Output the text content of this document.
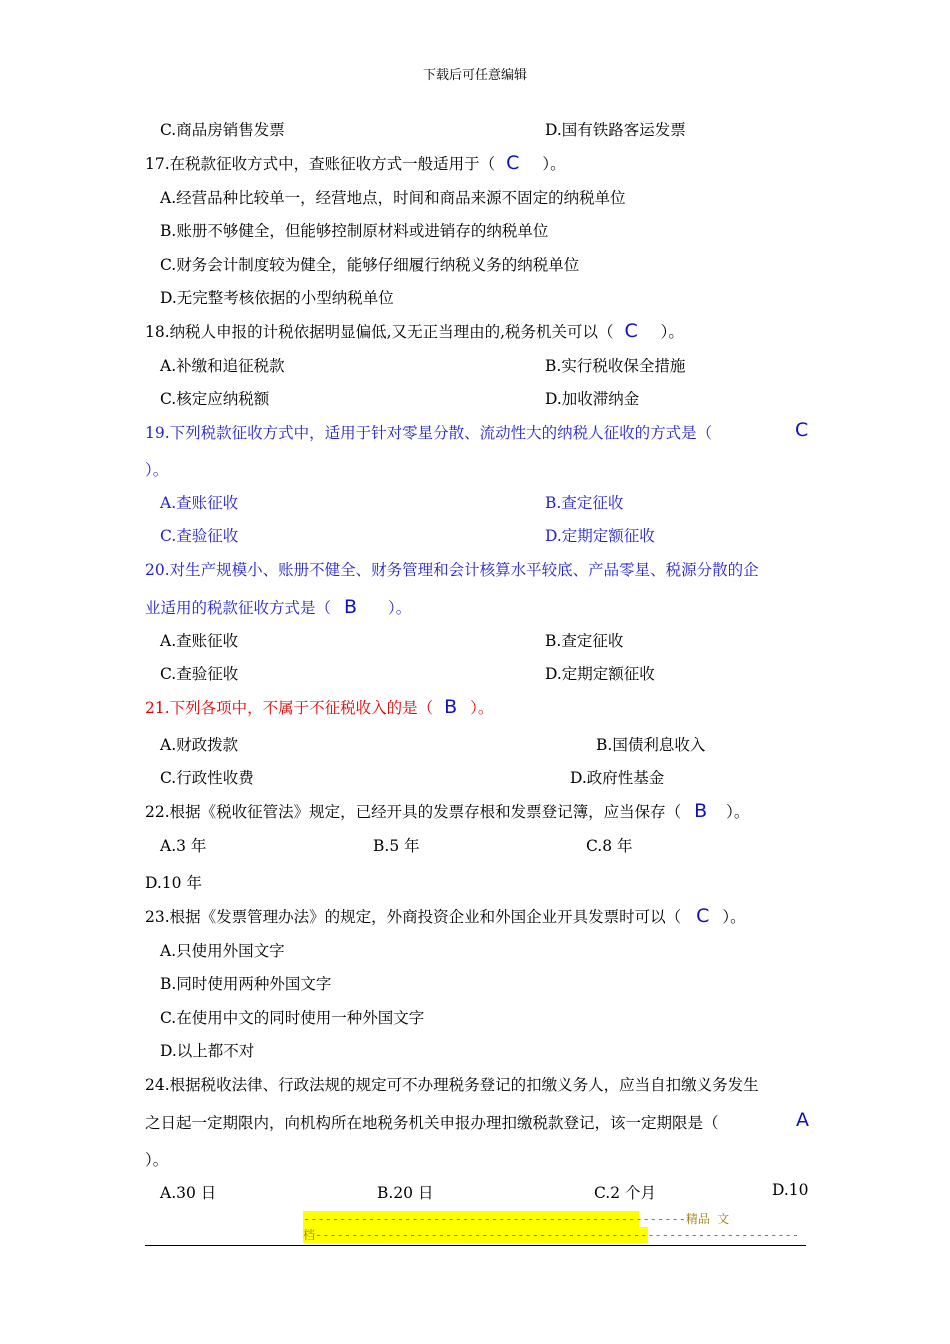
下载后可任意编辑
C.商品房销售发票	D.国有铁路客运发票
17.在税款征收方式中，查账征收方式一般适用于（ C ）。
A.经营品种比较单一，经营地点，时间和商品来源不固定的纳税单位
B.账册不够健全，但能够控制原材料或进销存的纳税单位
C.财务会计制度较为健全，能够仔细履行纳税义务的纳税单位
D.无完整考核依据的小型纳税单位
18.纳税人申报的计税依据明显偏低,又无正当理由的,税务机关可以（ C ）。
A.补缴和追征税款	B.实行税收保全措施
C.核定应纳税额	D.加收滞纳金
19.下列税款征收方式中，适用于针对零星分散、流动性大的纳税人征收的方式是（	C
）。
A.查账征收	B.查定征收
C.查验征收	D.定期定额征收
20.对生产规模小、账册不健全、财务管理和会计核算水平较底、产品零星、税源分散的企
业适用的税款征收方式是（ B ）。
A.查账征收	B.查定征收
C.查验征收	D.定期定额征收
21.下列各项中，不属于不征税收入的是（ B ）。
A.财政拨款	B.国债利息收入
C.行政性收费	D.政府性基金
22.根据《税收征管法》规定，已经开具的发票存根和发票登记簿，应当保存（ B ）。
A.3 年	B.5 年	C.8 年
D.10 年
23.根据《发票管理办法》的规定，外商投资企业和外国企业开具发票时可以（ C ）。
A.只使用外国文字
B.同时使用两种外国文字
C.在使用中文的同时使用一种外国文字
D.以上都不对
24.根据税收法律、行政法规的规定可不办理税务登记的扣缴义务人，应当自扣缴义务发生
之日起一定期限内，向机构所在地税务机关申报办理扣缴税款登记，该一定期限是（	A
）。
A.30 日	B.20 日	C.2 个月	D.10
-----------------------------------------------------精品 文
档-------------------------------------------------------------------
